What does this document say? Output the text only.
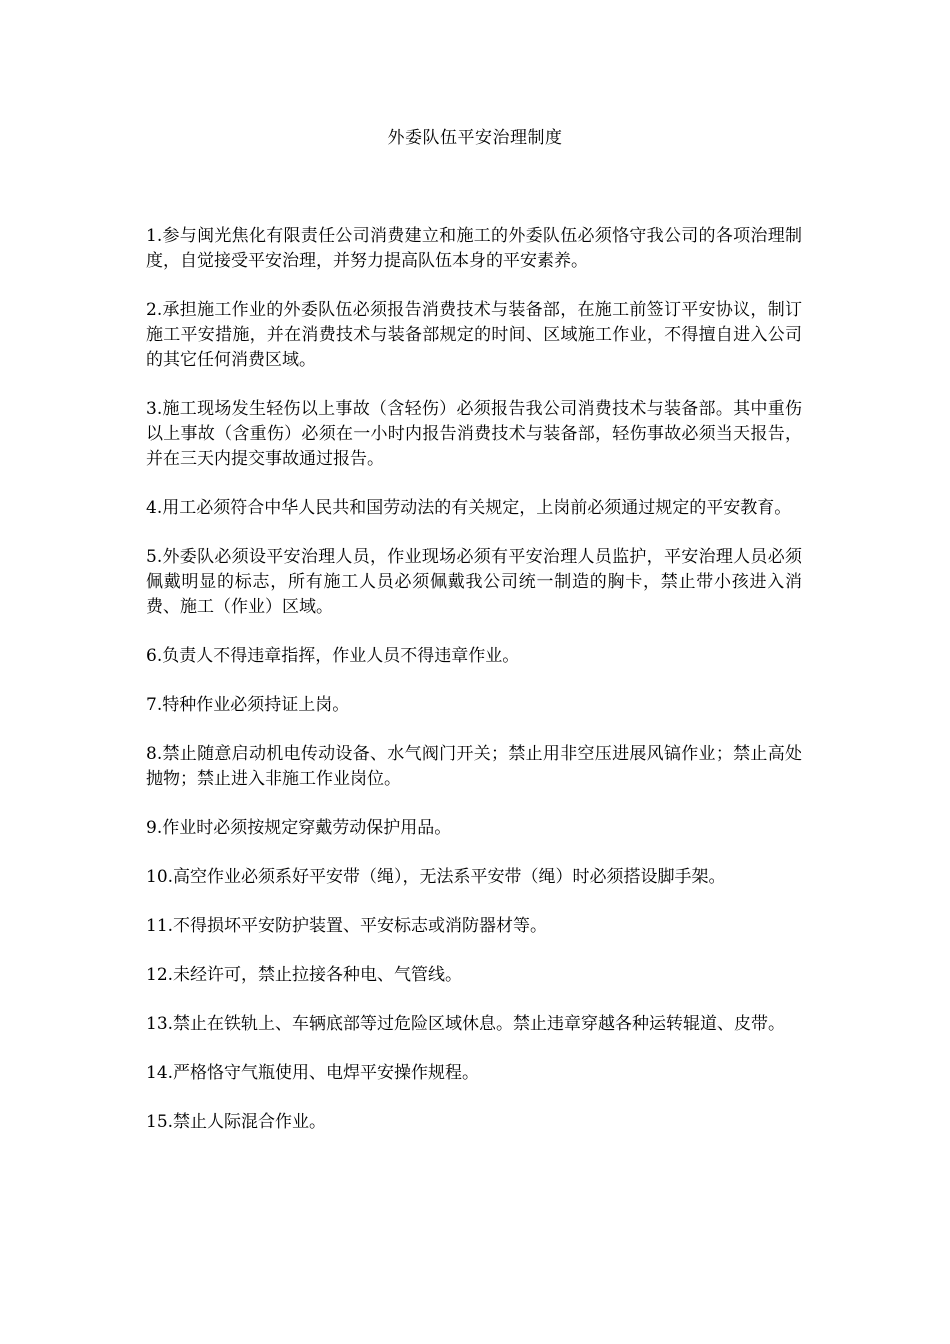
外委队伍平安治理制度

1.参与闽光焦化有限责任公司消费建立和施工的外委队伍必须恪守我公司的各项治理制度，自觉接受平安治理，并努力提高队伍本身的平安素养。

2.承担施工作业的外委队伍必须报告消费技术与装备部，在施工前签订平安协议，制订施工平安措施，并在消费技术与装备部规定的时间、区域施工作业，不得擅自进入公司的其它任何消费区域。

3.施工现场发生轻伤以上事故（含轻伤）必须报告我公司消费技术与装备部。其中重伤以上事故（含重伤）必须在一小时内报告消费技术与装备部，轻伤事故必须当天报告，并在三天内提交事故通过报告。

4.用工必须符合中华人民共和国劳动法的有关规定，上岗前必须通过规定的平安教育。

5.外委队必须设平安治理人员，作业现场必须有平安治理人员监护，平安治理人员必须佩戴明显的标志，所有施工人员必须佩戴我公司统一制造的胸卡，禁止带小孩进入消费、施工（作业）区域。

6.负责人不得违章指挥，作业人员不得违章作业。

7.特种作业必须持证上岗。

8.禁止随意启动机电传动设备、水气阀门开关；禁止用非空压进展风镐作业；禁止高处抛物；禁止进入非施工作业岗位。

9.作业时必须按规定穿戴劳动保护用品。

10.高空作业必须系好平安带（绳），无法系平安带（绳）时必须搭设脚手架。

11.不得损坏平安防护装置、平安标志或消防器材等。

12.未经许可，禁止拉接各种电、气管线。

13.禁止在铁轨上、车辆底部等过危险区域休息。禁止违章穿越各种运转辊道、皮带。

14.严格恪守气瓶使用、电焊平安操作规程。

15.禁止人际混合作业。
